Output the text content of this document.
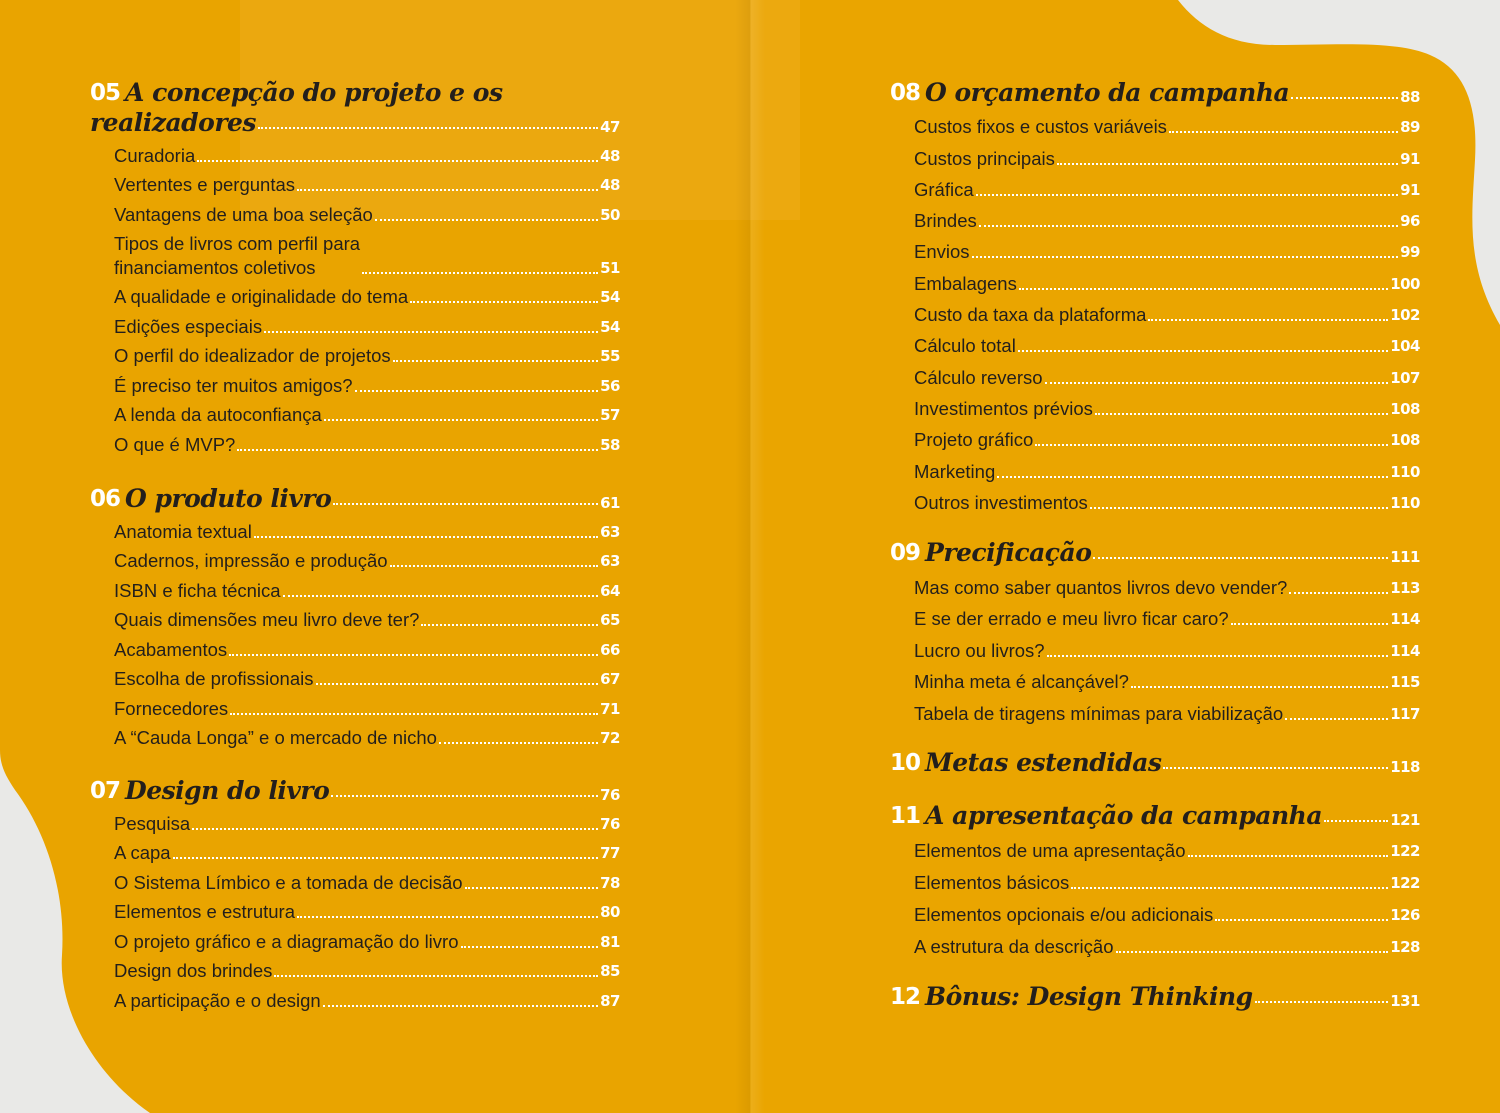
05 A concepção do projeto e os
realizadores	47
Curadoria	48
Vertentes e perguntas	48
Vantagens de uma boa seleção	50
Tipos de livros com perfil para
financiamentos coletivos	51
A qualidade e originalidade do tema	54
Edições especiais	54
O perfil do idealizador de projetos	55
É preciso ter muitos amigos?	56
A lenda da autoconfiança	57
O que é MVP?	58
06 O produto livro	61
Anatomia textual	63
Cadernos, impressão e produção	63
ISBN e ficha técnica	64
Quais dimensões meu livro deve ter?	65
Acabamentos	66
Escolha de profissionais	67
Fornecedores	71
A “Cauda Longa” e o mercado de nicho	72
07 Design do livro	76
Pesquisa	76
A capa	77
O Sistema Límbico e a tomada de decisão	78
Elementos e estrutura	80
O projeto gráfico e a diagramação do livro	81
Design dos brindes	85
A participação e o design	87
08 O orçamento da campanha	88
Custos fixos e custos variáveis	89
Custos principais	91
Gráfica	91
Brindes	96
Envios	99
Embalagens	100
Custo da taxa da plataforma	102
Cálculo total	104
Cálculo reverso	107
Investimentos prévios	108
Projeto gráfico	108
Marketing	110
Outros investimentos	110
09 Precificação	111
Mas como saber quantos livros devo vender?	113
E se der errado e meu livro ficar caro?	114
Lucro ou livros?	114
Minha meta é alcançável?	115
Tabela de tiragens mínimas para viabilização	117
10 Metas estendidas	118
11 A apresentação da campanha	121
Elementos de uma apresentação	122
Elementos básicos	122
Elementos opcionais e/ou adicionais	126
A estrutura da descrição	128
12 Bônus: Design Thinking	131
